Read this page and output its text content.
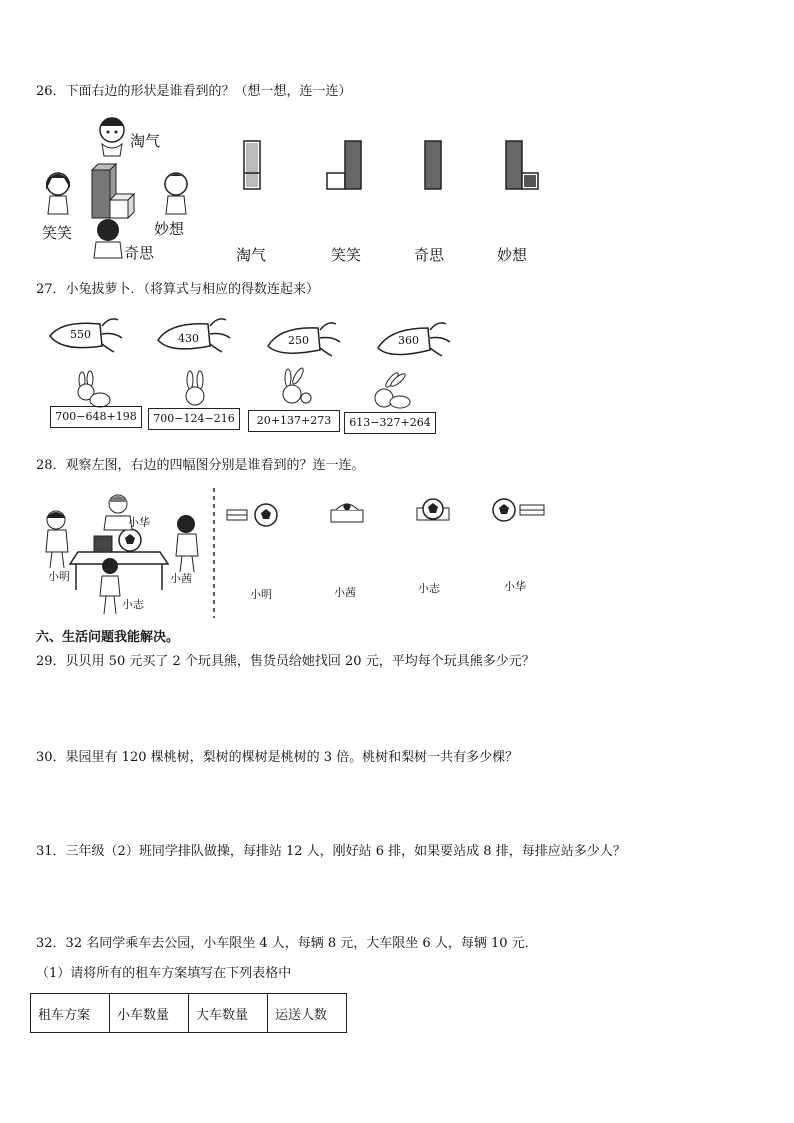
26．下面右边的形状是谁看到的？（想一想，连一连）
淘气
笑笑	妙想
奇思	淘气	笑笑	奇思	妙想
27．小兔拔萝卜．（将算式与相应的得数连起来）
550	430	250	360
700−648+198	700−124−216	20+137+273	613−327+264
28．观察左图，右边的四幅图分别是谁看到的？连一连。
小华
小明	小茜
小志
小明	小茜	小志	小华
六、生活问题我能解决。
29．贝贝用 50 元买了 2 个玩具熊，售货员给她找回 20 元，平均每个玩具熊多少元？
30．果园里有 120 棵桃树，梨树的棵树是桃树的 3 倍。桃树和梨树一共有多少棵？
31．三年级（2）班同学排队做操，每排站 12 人，刚好站 6 排，如果要站成 8 排，每排应站多少人？
32．32 名同学乘车去公园，小车限坐 4 人，每辆 8 元，大车限坐 6 人，每辆 10 元．
（1）请将所有的租车方案填写在下列表格中
租车方案	小车数量	大车数量	运送人数
